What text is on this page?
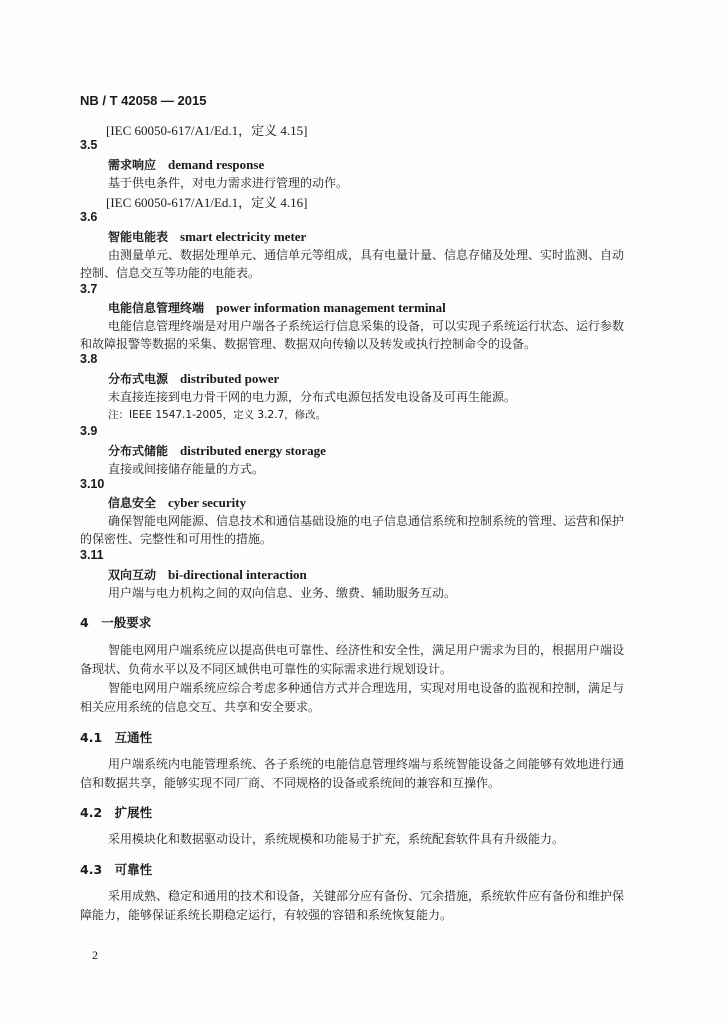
NB / T 42058 — 2015
[IEC 60050-617/A1/Ed.1，定义 4.15]
3.5
需求响应 demand response
基于供电条件，对电力需求进行管理的动作。
[IEC 60050-617/A1/Ed.1，定义 4.16]
3.6
智能电能表 smart electricity meter
由测量单元、数据处理单元、通信单元等组成，具有电量计量、信息存储及处理、实时监测、自动
控制、信息交互等功能的电能表。
3.7
电能信息管理终端 power information management terminal
电能信息管理终端是对用户端各子系统运行信息采集的设备，可以实现子系统运行状态、运行参数
和故障报警等数据的采集、数据管理、数据双向传输以及转发或执行控制命令的设备。
3.8
分布式电源 distributed power
未直接连接到电力骨干网的电力源，分布式电源包括发电设备及可再生能源。
注：IEEE 1547.1-2005，定义 3.2.7，修改。
3.9
分布式储能 distributed energy storage
直接或间接储存能量的方式。
3.10
信息安全 cyber security
确保智能电网能源、信息技术和通信基础设施的电子信息通信系统和控制系统的管理、运营和保护
的保密性、完整性和可用性的措施。
3.11
双向互动 bi-directional interaction
用户端与电力机构之间的双向信息、业务、缴费、辅助服务互动。
4　一般要求
智能电网用户端系统应以提高供电可靠性、经济性和安全性，满足用户需求为目的，根据用户端设
备现状、负荷水平以及不同区域供电可靠性的实际需求进行规划设计。
智能电网用户端系统应综合考虑多种通信方式并合理选用，实现对用电设备的监视和控制，满足与
相关应用系统的信息交互、共享和安全要求。
4.1　互通性
用户端系统内电能管理系统、各子系统的电能信息管理终端与系统智能设备之间能够有效地进行通
信和数据共享，能够实现不同厂商、不同规格的设备或系统间的兼容和互操作。
4.2　扩展性
采用模块化和数据驱动设计，系统规模和功能易于扩充，系统配套软件具有升级能力。
4.3　可靠性
采用成熟、稳定和通用的技术和设备，关键部分应有备份、冗余措施，系统软件应有备份和维护保
障能力，能够保证系统长期稳定运行，有较强的容错和系统恢复能力。
2
